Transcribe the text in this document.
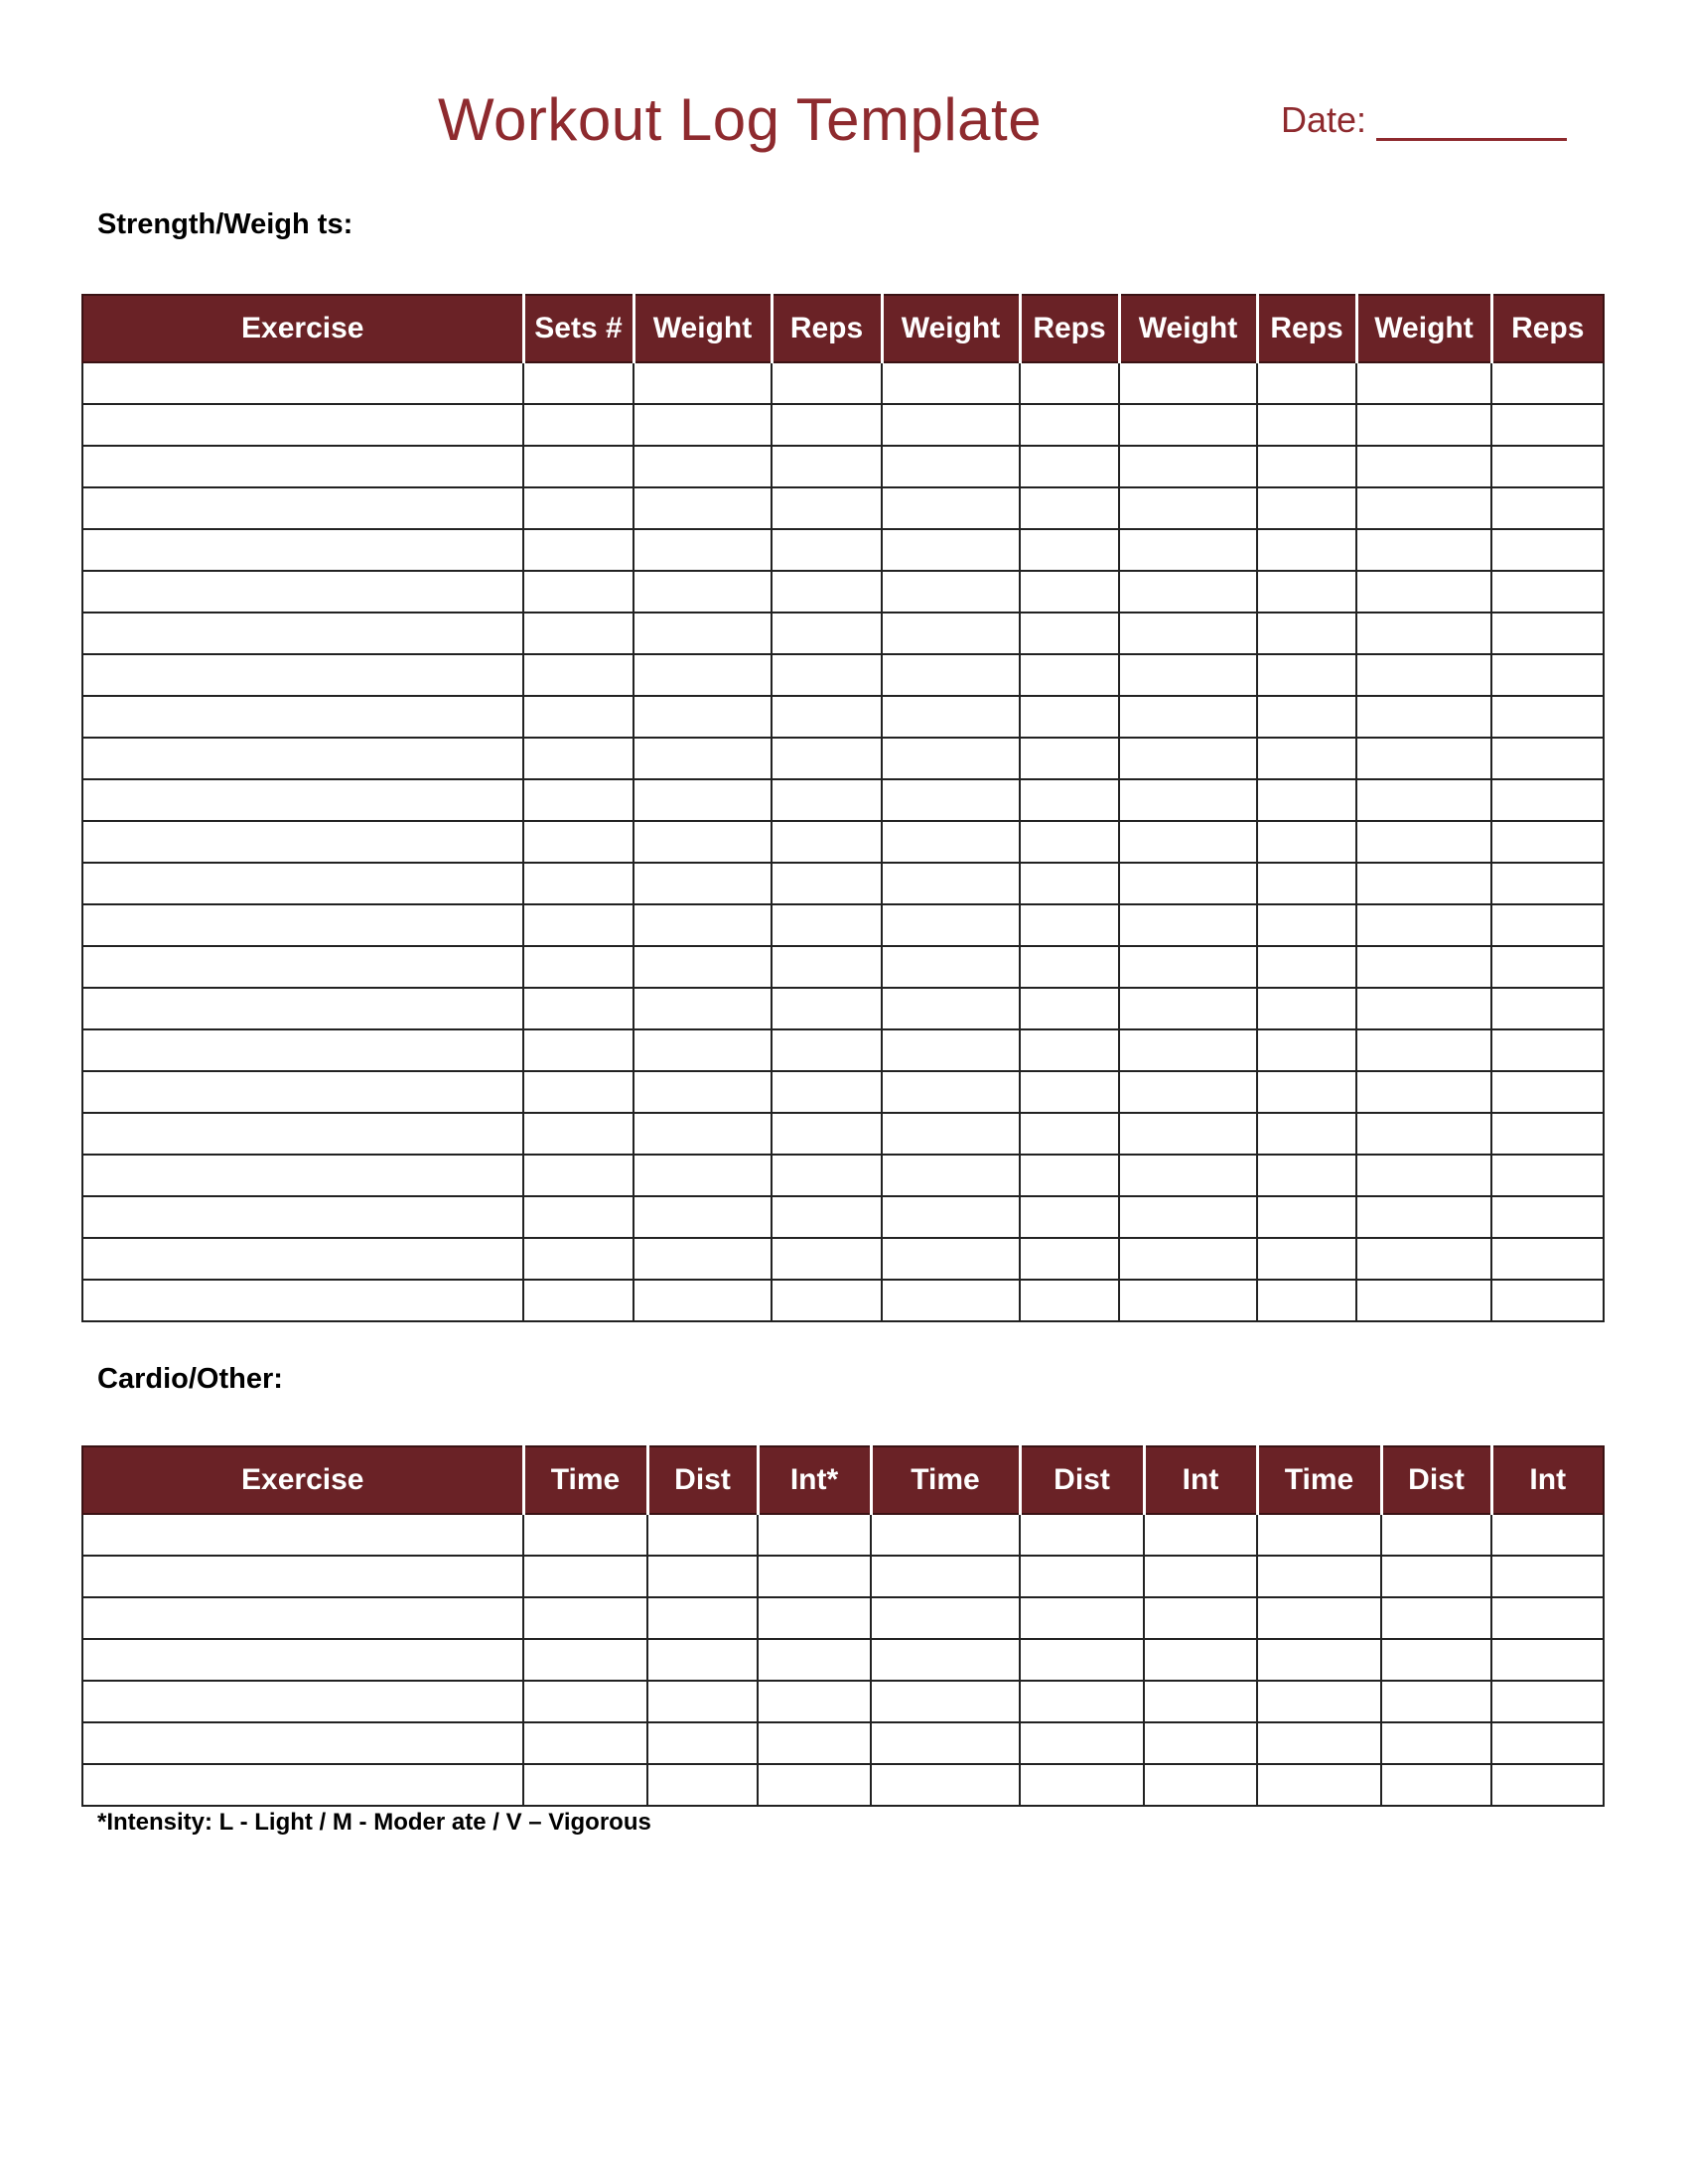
Workout Log Template	Date:
Strength/Weigh ts:
Exercise	Sets #	Weight	Reps	Weight	Reps	Weight	Reps	Weight	Reps

Cardio/Other:
Exercise	Time	Dist	Int*	Time	Dist	Int	Time	Dist	Int

*Intensity: L - Light / M - Moder ate / V – Vigorous
